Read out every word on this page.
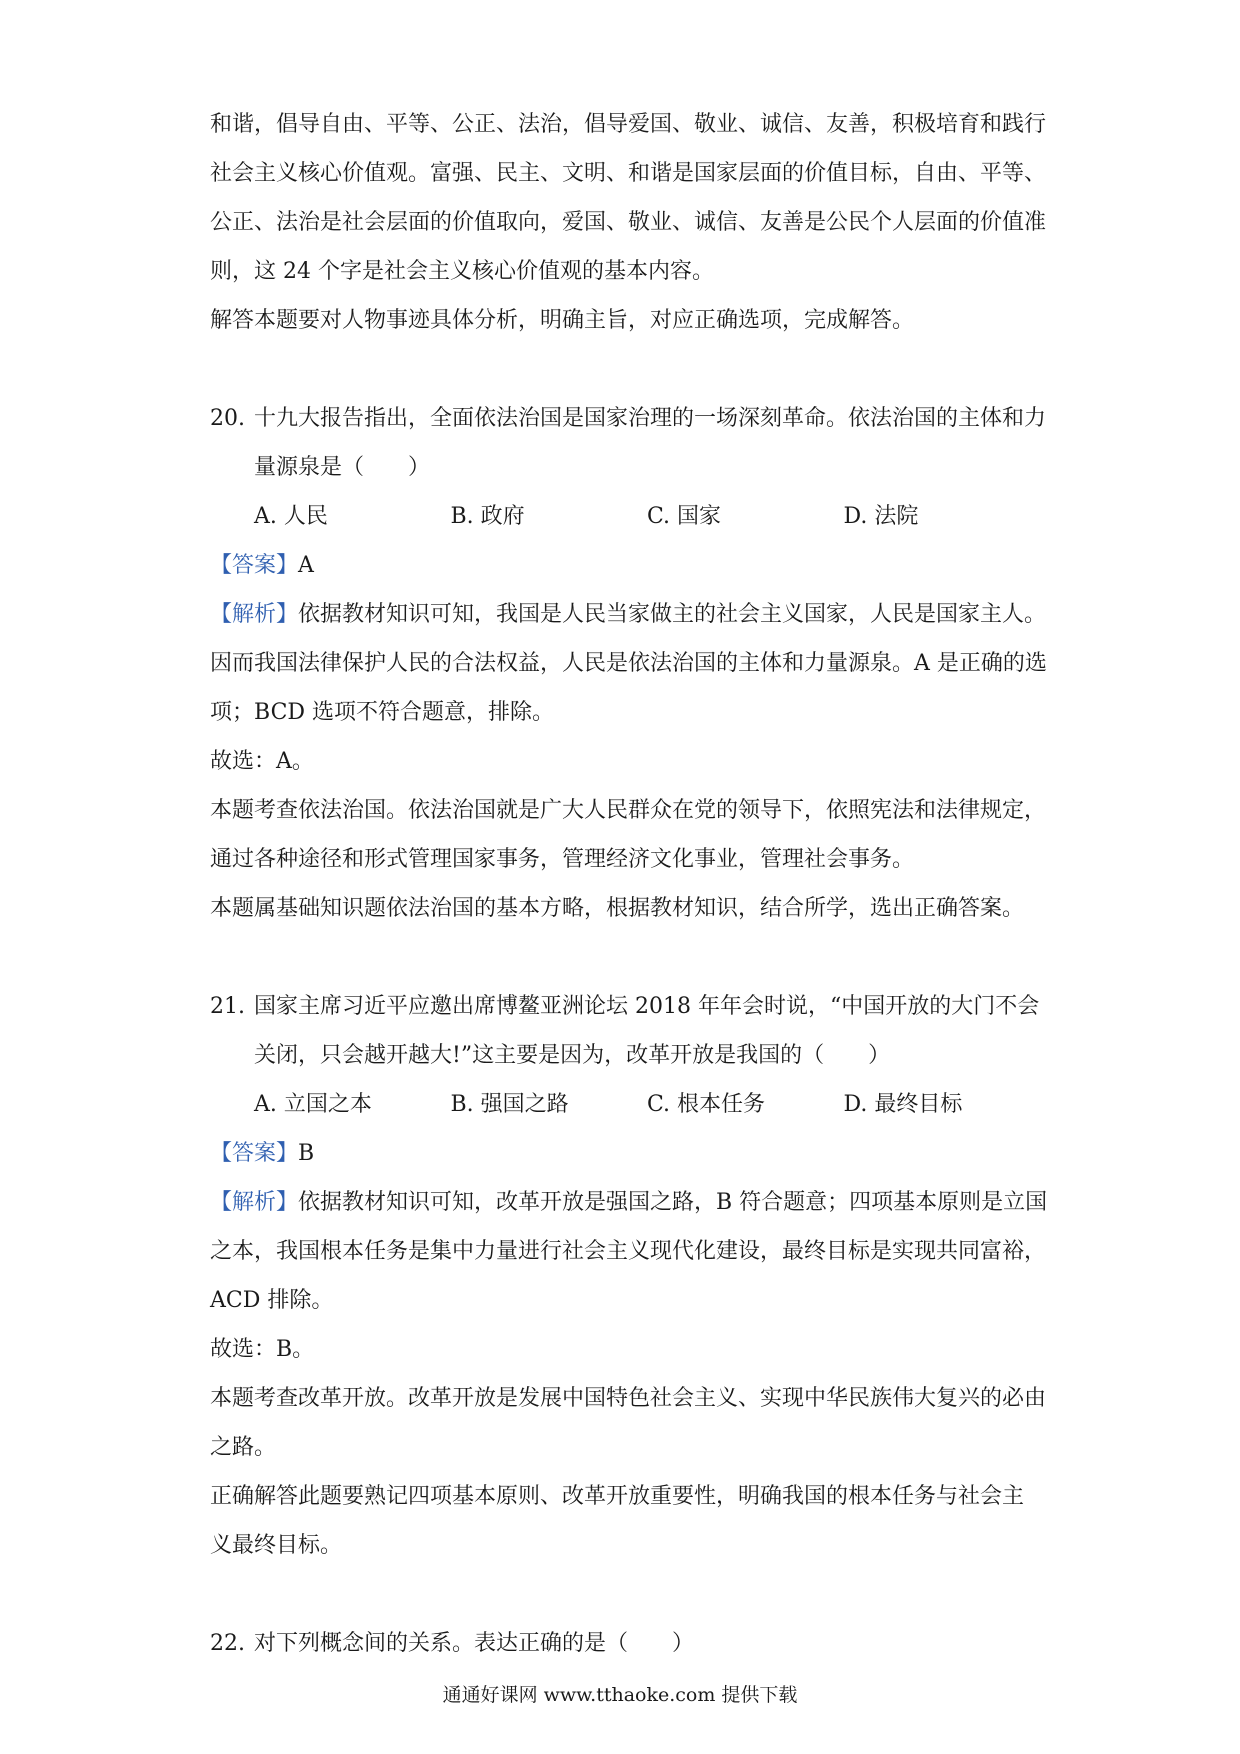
和谐，倡导自由、平等、公正、法治，倡导爱国、敬业、诚信、友善，积极培育和践行
社会主义核心价值观。富强、民主、文明、和谐是国家层面的价值目标，自由、平等、
公正、法治是社会层面的价值取向，爱国、敬业、诚信、友善是公民个人层面的价值准
则，这 24 个字是社会主义核心价值观的基本内容。
解答本题要对人物事迹具体分析，明确主旨，对应正确选项，完成解答。
20. 十九大报告指出，全面依法治国是国家治理的一场深刻革命。依法治国的主体和力
量源泉是（　　）
A. 人民	B. 政府	C. 国家	D. 法院
【答案】A
【解析】依据教材知识可知，我国是人民当家做主的社会主义国家，人民是国家主人。
因而我国法律保护人民的合法权益，人民是依法治国的主体和力量源泉。A 是正确的选
项；BCD 选项不符合题意，排除。
故选：A。
本题考查依法治国。依法治国就是广大人民群众在党的领导下，依照宪法和法律规定，
通过各种途径和形式管理国家事务，管理经济文化事业，管理社会事务。
本题属基础知识题依法治国的基本方略，根据教材知识，结合所学，选出正确答案。
21. 国家主席习近平应邀出席博鳌亚洲论坛 2018 年年会时说，“中国开放的大门不会
关闭，只会越开越大!”这主要是因为，改革开放是我国的（　　）
A. 立国之本	B. 强国之路	C. 根本任务	D. 最终目标
【答案】B
【解析】依据教材知识可知，改革开放是强国之路，B 符合题意；四项基本原则是立国
之本，我国根本任务是集中力量进行社会主义现代化建设，最终目标是实现共同富裕，
ACD 排除。
故选：B。
本题考查改革开放。改革开放是发展中国特色社会主义、实现中华民族伟大复兴的必由
之路。
正确解答此题要熟记四项基本原则、改革开放重要性，明确我国的根本任务与社会主
义最终目标。
22. 对下列概念间的关系。表达正确的是（　　）
通通好课网 www.tthaoke.com 提供下载
